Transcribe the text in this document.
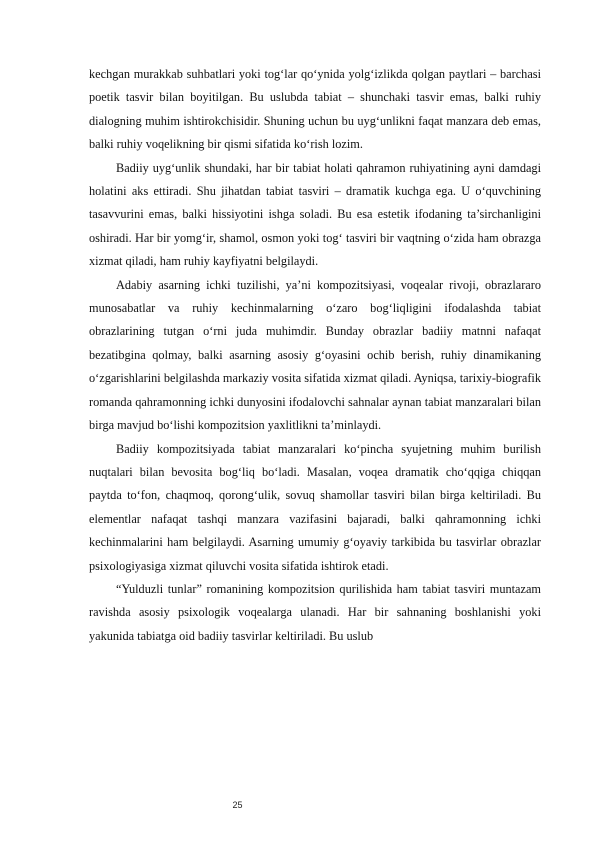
kechgan murakkab suhbatlari yoki tog‘lar qo‘ynida yolg‘izlikda qolgan paytlari – barchasi poetik tasvir bilan boyitilgan. Bu uslubda tabiat – shunchaki tasvir emas, balki ruhiy dialogning muhim ishtirokchisidir. Shuning uchun bu uyg‘unlikni faqat manzara deb emas, balki ruhiy voqelikning bir qismi sifatida ko‘rish lozim.

Badiiy uyg‘unlik shundaki, har bir tabiat holati qahramon ruhiyatining ayni damdagi holatini aks ettiradi. Shu jihatdan tabiat tasviri – dramatik kuchga ega. U o‘quvchining tasavvurini emas, balki hissiyotini ishga soladi. Bu esa estetik ifodaning ta’sirchanligini oshiradi. Har bir yomg‘ir, shamol, osmon yoki tog‘ tasviri bir vaqtning o‘zida ham obrazga xizmat qiladi, ham ruhiy kayfiyatni belgilaydi.

Adabiy asarning ichki tuzilishi, ya’ni kompozitsiyasi, voqealar rivoji, obrazlararo munosabatlar va ruhiy kechinmalarning o‘zaro bog‘liqligini ifodalashda tabiat obrazlarining tutgan o‘rni juda muhimdir. Bunday obrazlar badiiy matnni nafaqat bezatibgina qolmay, balki asarning asosiy g‘oyasini ochib berish, ruhiy dinamikaning o‘zgarishlarini belgilashda markaziy vosita sifatida xizmat qiladi. Ayniqsa, tarixiy-biografik romanda qahramonning ichki dunyosini ifodalovchi sahnalar aynan tabiat manzaralari bilan birga mavjud bo‘lishi kompozitsion yaxlitlikni ta’minlaydi.

Badiiy kompozitsiyada tabiat manzaralari ko‘pincha syujetning muhim burilish nuqtalari bilan bevosita bog‘liq bo‘ladi. Masalan, voqea dramatik cho‘qqiga chiqqan paytda to‘fon, chaqmoq, qorong‘ulik, sovuq shamollar tasviri bilan birga keltiriladi. Bu elementlar nafaqat tashqi manzara vazifasini bajaradi, balki qahramonning ichki kechinmalarini ham belgilaydi. Asarning umumiy g‘oyaviy tarkibida bu tasvirlar obrazlar psixologiyasiga xizmat qiluvchi vosita sifatida ishtirok etadi.

“Yulduzli tunlar” romanining kompozitsion qurilishida ham tabiat tasviri muntazam ravishda asosiy psixologik voqealarga ulanadi. Har bir sahnaning boshlanishi yoki yakunida tabiatga oid badiiy tasvirlar keltiriladi. Bu uslub

25
